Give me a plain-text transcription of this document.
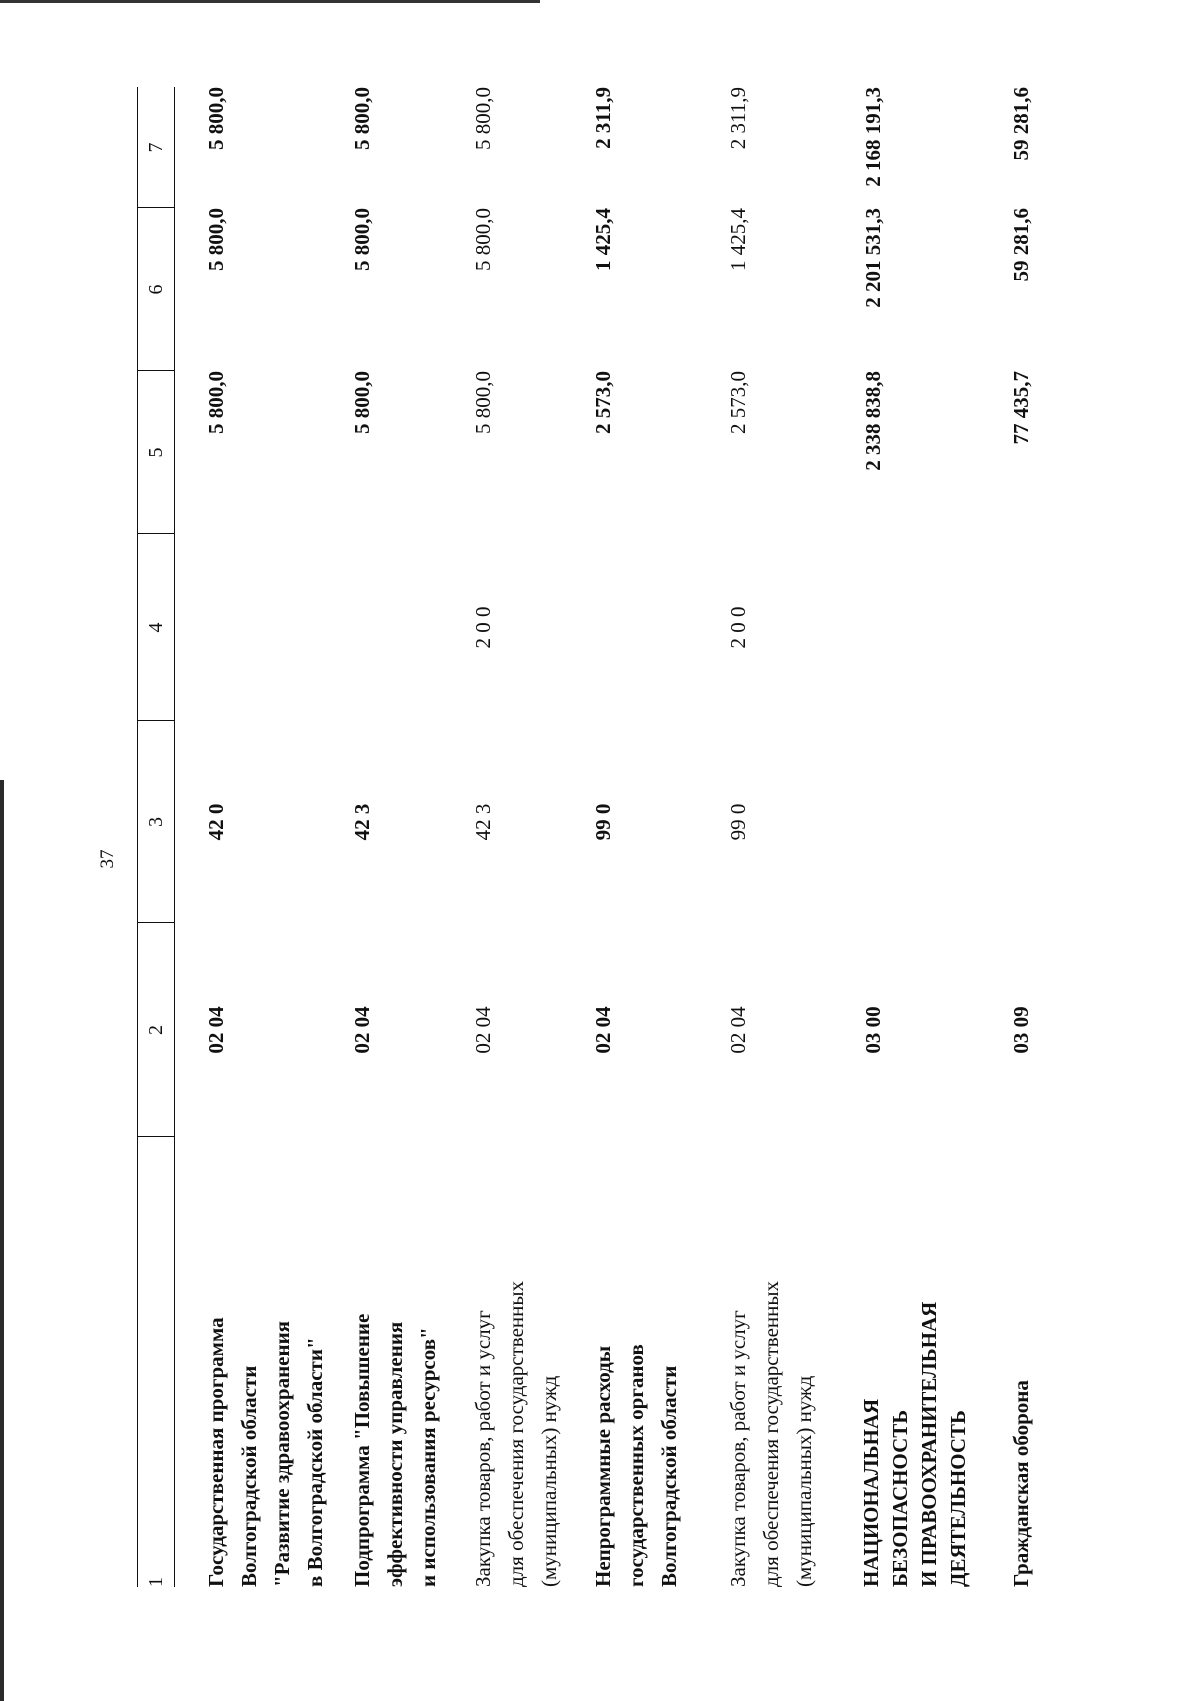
37
1
2
3
4
5
6
7
Государственная программа
Волгоградской области
"Развитие здравоохранения
в Волгоградской области"
02 04
42 0
5 800,0
5 800,0
5 800,0
Подпрограмма "Повышение
эффективности управления
и использования ресурсов"
02 04
42 3
5 800,0
5 800,0
5 800,0
Закупка товаров, работ и услуг
для обеспечения государственных
(муниципальных) нужд
02 04
42 3
2 0 0
5 800,0
5 800,0
5 800,0
Непрограммные расходы
государственных органов
Волгоградской области
02 04
99 0
2 573,0
1 425,4
2 311,9
Закупка товаров, работ и услуг
для обеспечения государственных
(муниципальных) нужд
02 04
99 0
2 0 0
2 573,0
1 425,4
2 311,9
НАЦИОНАЛЬНАЯ
БЕЗОПАСНОСТЬ
И ПРАВООХРАНИТЕЛЬНАЯ
ДЕЯТЕЛЬНОСТЬ
03 00
2 338 838,8
2 201 531,3
2 168 191,3
Гражданская оборона
03 09
77 435,7
59 281,6
59 281,6
